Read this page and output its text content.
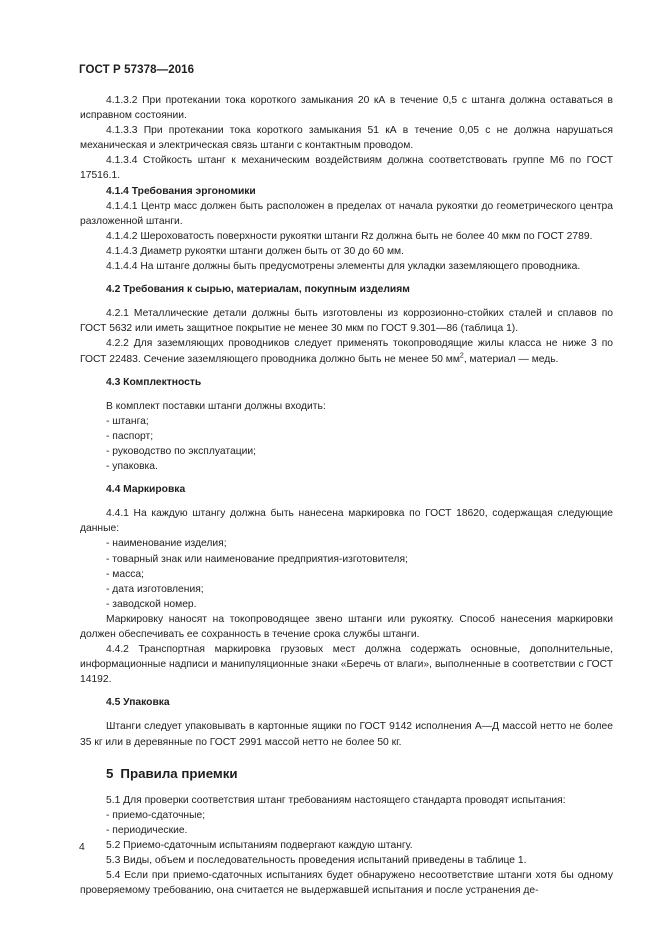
ГОСТ Р 57378—2016

4.1.3.2 При протекании тока короткого замыкания 20 кА в течение 0,5 с штанга должна оставаться в исправном состоянии.

4.1.3.3 При протекании тока короткого замыкания 51 кА в течение 0,05 с не должна нарушаться механическая и электрическая связь штанги с контактным проводом.

4.1.3.4 Стойкость штанг к механическим воздействиям должна соответствовать группе М6 по ГОСТ 17516.1.

4.1.4 Требования эргономики

4.1.4.1 Центр масс должен быть расположен в пределах от начала рукоятки до геометрического центра разложенной штанги.

4.1.4.2 Шероховатость поверхности рукоятки штанги Rz должна быть не более 40 мкм по ГОСТ 2789.

4.1.4.3 Диаметр рукоятки штанги должен быть от 30 до 60 мм.

4.1.4.4 На штанге должны быть предусмотрены элементы для укладки заземляющего проводника.

4.2 Требования к сырью, материалам, покупным изделиям

4.2.1 Металлические детали должны быть изготовлены из коррозионно-стойких сталей и сплавов по ГОСТ 5632 или иметь защитное покрытие не менее 30 мкм по ГОСТ 9.301—86 (таблица 1).

4.2.2 Для заземляющих проводников следует применять токопроводящие жилы класса не ниже 3 по ГОСТ 22483. Сечение заземляющего проводника должно быть не менее 50 $мм^2$, материал — медь.

4.3 Комплектность

В комплект поставки штанги должны входить:

- штанга;

- паспорт;

- руководство по эксплуатации;

- упаковка.

4.4 Маркировка

4.4.1 На каждую штангу должна быть нанесена маркировка по ГОСТ 18620, содержащая следующие данные:

- наименование изделия;

- товарный знак или наименование предприятия-изготовителя;

- масса;

- дата изготовления;

- заводской номер.

Маркировку наносят на токопроводящее звено штанги или рукоятку. Способ нанесения маркировки должен обеспечивать ее сохранность в течение срока службы штанги.

4.4.2 Транспортная маркировка грузовых мест должна содержать основные, дополнительные, информационные надписи и манипуляционные знаки «Беречь от влаги», выполненные в соответствии с ГОСТ 14192.

4.5 Упаковка

Штанги следует упаковывать в картонные ящики по ГОСТ 9142 исполнения А—Д массой нетто не более 35 кг или в деревянные по ГОСТ 2991 массой нетто не более 50 кг.

5 Правила приемки

5.1 Для проверки соответствия штанг требованиям настоящего стандарта проводят испытания:

- приемо-сдаточные;

- периодические.

5.2 Приемо-сдаточным испытаниям подвергают каждую штангу.

5.3 Виды, объем и последовательность проведения испытаний приведены в таблице 1.

5.4 Если при приемо-сдаточных испытаниях будет обнаружено несоответствие штанги хотя бы одному проверяемому требованию, она считается не выдержавшей испытания и после устранения де-

4
